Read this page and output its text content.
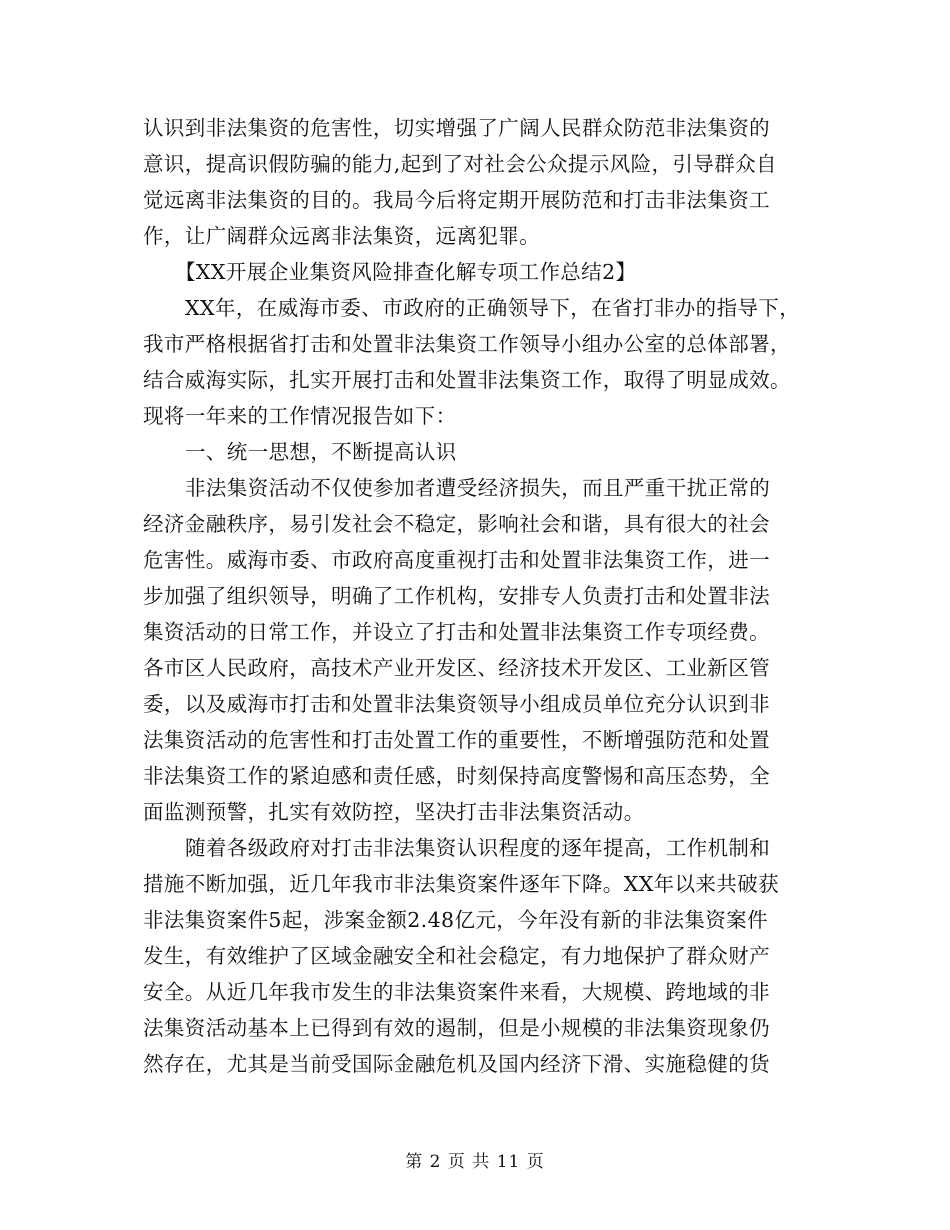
认识到非法集资的危害性，切实增强了广阔人民群众防范非法集资的
意识，提高识假防骗的能力,起到了对社会公众提示风险，引导群众自
觉远离非法集资的目的。我局今后将定期开展防范和打击非法集资工
作，让广阔群众远离非法集资，远离犯罪。
【XX开展企业集资风险排查化解专项工作总结2】
XX年，在威海市委、市政府的正确领导下，在省打非办的指导下，
我市严格根据省打击和处置非法集资工作领导小组办公室的总体部署，
结合威海实际，扎实开展打击和处置非法集资工作，取得了明显成效。
现将一年来的工作情况报告如下：
一、统一思想，不断提高认识
非法集资活动不仅使参加者遭受经济损失，而且严重干扰正常的
经济金融秩序，易引发社会不稳定，影响社会和谐，具有很大的社会
危害性。威海市委、市政府高度重视打击和处置非法集资工作，进一
步加强了组织领导，明确了工作机构，安排专人负责打击和处置非法
集资活动的日常工作，并设立了打击和处置非法集资工作专项经费。
各市区人民政府，高技术产业开发区、经济技术开发区、工业新区管
委，以及威海市打击和处置非法集资领导小组成员单位充分认识到非
法集资活动的危害性和打击处置工作的重要性，不断增强防范和处置
非法集资工作的紧迫感和责任感，时刻保持高度警惕和高压态势，全
面监测预警，扎实有效防控，坚决打击非法集资活动。
随着各级政府对打击非法集资认识程度的逐年提高，工作机制和
措施不断加强，近几年我市非法集资案件逐年下降。XX年以来共破获
非法集资案件5起，涉案金额2.48亿元，今年没有新的非法集资案件
发生，有效维护了区域金融安全和社会稳定，有力地保护了群众财产
安全。从近几年我市发生的非法集资案件来看，大规模、跨地域的非
法集资活动基本上已得到有效的遏制，但是小规模的非法集资现象仍
然存在，尤其是当前受国际金融危机及国内经济下滑、实施稳健的货
第 2 页 共 11 页
